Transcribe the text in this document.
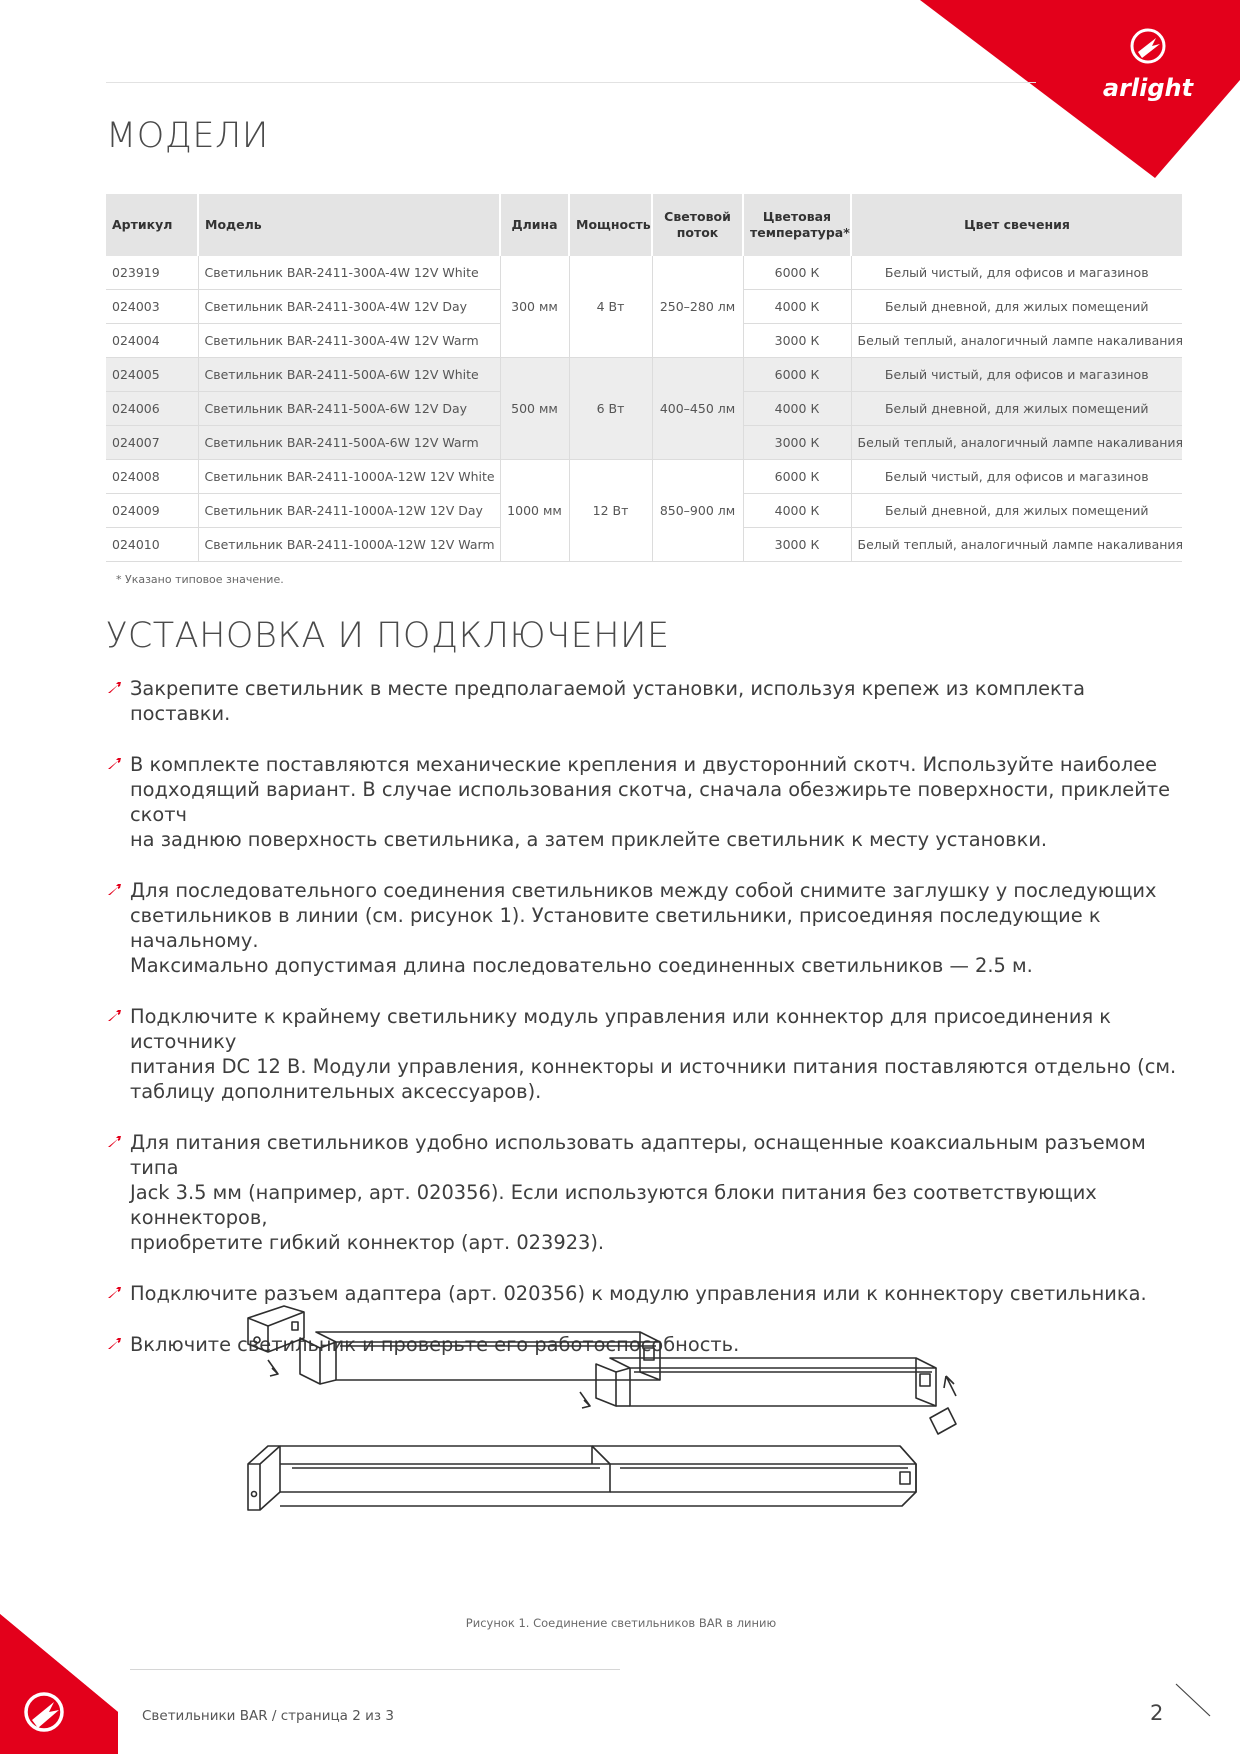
arlight
МОДЕЛИ
Артикул	Модель	Длина	Мощность	Световой поток	Цветовая температура*	Цвет свечения
023919	Светильник BAR-2411-300A-4W 12V White	300 мм	4 Вт	250–280 лм	6000 К	Белый чистый, для офисов и магазинов
024003	Светильник BAR-2411-300A-4W 12V Day				4000 К	Белый дневной, для жилых помещений
024004	Светильник BAR-2411-300A-4W 12V Warm				3000 К	Белый теплый, аналогичный лампе накаливания
024005	Светильник BAR-2411-500A-6W 12V White	500 мм	6 Вт	400–450 лм	6000 К	Белый чистый, для офисов и магазинов
024006	Светильник BAR-2411-500A-6W 12V Day				4000 К	Белый дневной, для жилых помещений
024007	Светильник BAR-2411-500A-6W 12V Warm				3000 К	Белый теплый, аналогичный лампе накаливания
024008	Светильник BAR-2411-1000A-12W 12V White	1000 мм	12 Вт	850–900 лм	6000 К	Белый чистый, для офисов и магазинов
024009	Светильник BAR-2411-1000A-12W 12V Day				4000 К	Белый дневной, для жилых помещений
024010	Светильник BAR-2411-1000A-12W 12V Warm				3000 К	Белый теплый, аналогичный лампе накаливания
* Указано типовое значение.
УСТАНОВКА И ПОДКЛЮЧЕНИЕ
Закрепите светильник в месте предполагаемой установки, используя крепеж из комплекта поставки.
В комплекте поставляются механические крепления и двусторонний скотч. Используйте наиболее
подходящий вариант. В случае использования скотча, сначала обезжирьте поверхности, приклейте скотч
на заднюю поверхность светильника, а затем приклейте светильник к месту установки.
Для последовательного соединения светильников между собой снимите заглушку у последующих
светильников в линии (см. рисунок 1). Установите светильники, присоединяя последующие к начальному.
Максимально допустимая длина последовательно соединенных светильников — 2.5 м.
Подключите к крайнему светильнику модуль управления или коннектор для присоединения к источнику
питания DC 12 В. Модули управления, коннекторы и источники питания поставляются отдельно (см.
таблицу дополнительных аксессуаров).
Для питания светильников удобно использовать адаптеры, оснащенные коаксиальным разъемом типа
Jack 3.5 мм (например, арт. 020356). Если используются блоки питания без соответствующих коннекторов,
приобретите гибкий коннектор (арт. 023923).
Подключите разъем адаптера (арт. 020356) к модулю управления или к коннектору светильника.
Включите светильник и проверьте его работоспособность.
Рисунок 1. Соединение светильников BAR в линию
Светильники BAR / страница 2 из 3	2
